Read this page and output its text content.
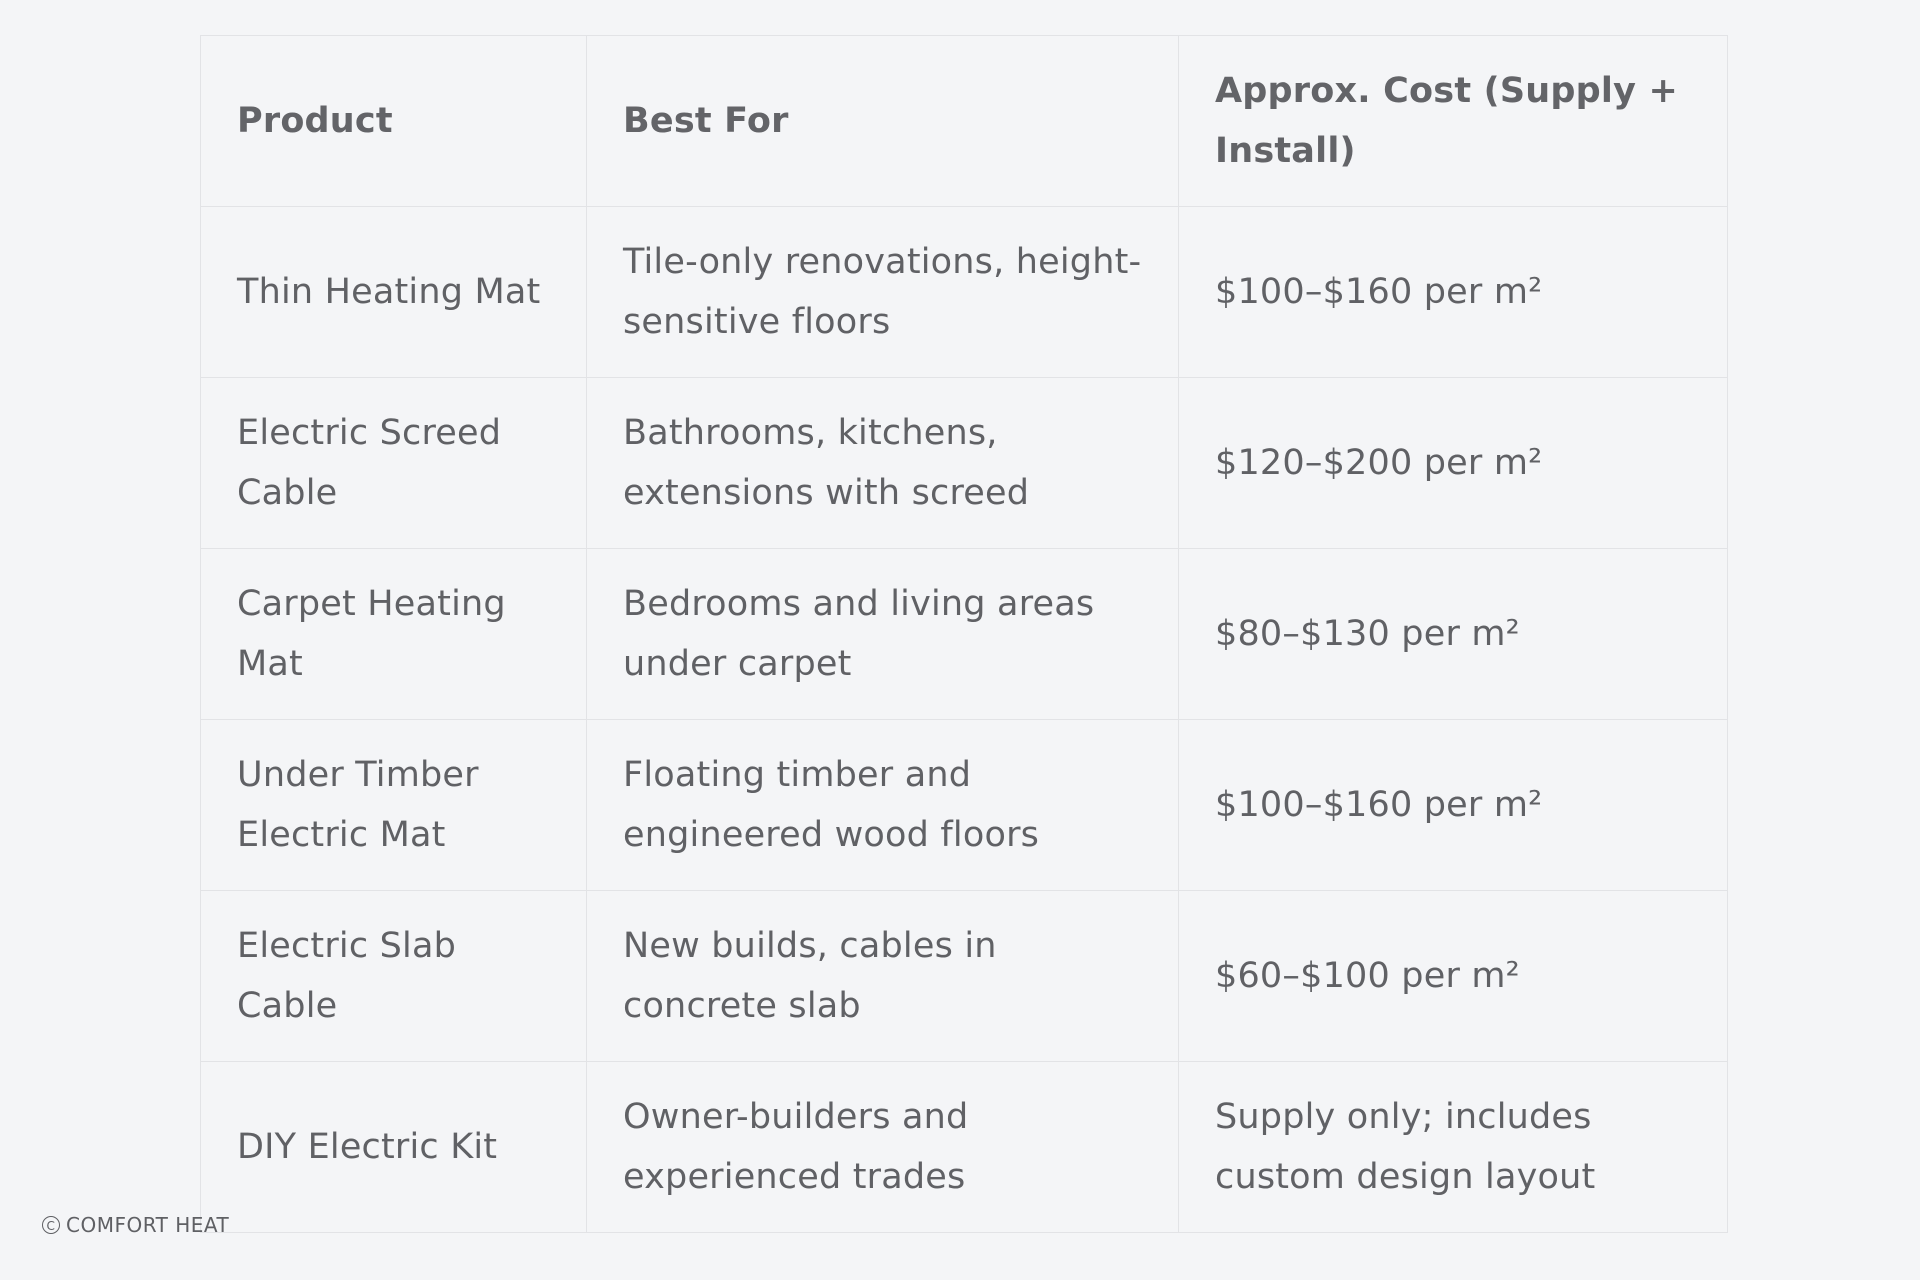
Product	Best For	Approx. Cost (Supply + Install)
Thin Heating Mat	Tile-only renovations, height-sensitive floors	$100–$160 per m²
Electric Screed Cable	Bathrooms, kitchens, extensions with screed	$120–$200 per m²
Carpet Heating Mat	Bedrooms and living areas under carpet	$80–$130 per m²
Under Timber Electric Mat	Floating timber and engineered wood floors	$100–$160 per m²
Electric Slab Cable	New builds, cables in concrete slab	$60–$100 per m²
DIY Electric Kit	Owner-builders and experienced trades	Supply only; includes custom design layout
C COMFORT HEAT
